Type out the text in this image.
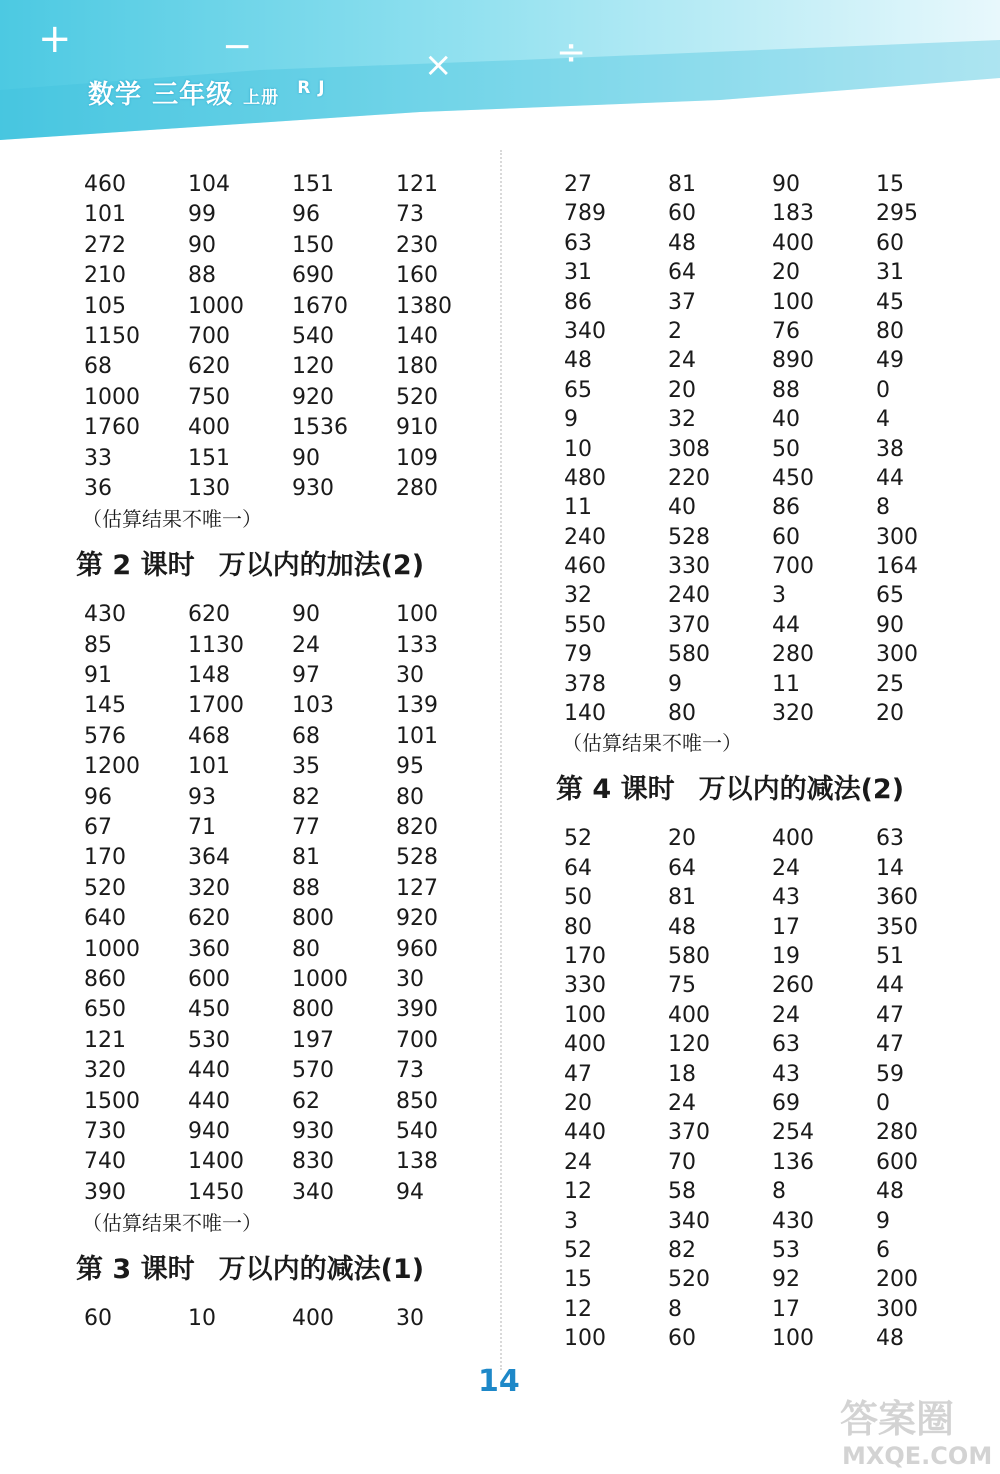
+	−	×	÷
数学 三年级 上册 $^{R J}$
460	104	151	121
101	99	96	73
272	90	150	230
210	88	690	160
105	1000	1670	1380
1150	700	540	140
68	620	120	180
1000	750	920	520
1760	400	1536	910
33	151	90	109
36	130	930	280
（估算结果不唯一）
第 2 课时 万以内的加法(2)
430	620	90	100
85	1130	24	133
91	148	97	30
145	1700	103	139
576	468	68	101
1200	101	35	95
96	93	82	80
67	71	77	820
170	364	81	528
520	320	88	127
640	620	800	920
1000	360	80	960
860	600	1000	30
650	450	800	390
121	530	197	700
320	440	570	73
1500	440	62	850
730	940	930	540
740	1400	830	138
390	1450	340	94
（估算结果不唯一）
第 3 课时 万以内的减法(1)
60	10	400	30
27	81	90	15
789	60	183	295
63	48	400	60
31	64	20	31
86	37	100	45
340	2	76	80
48	24	890	49
65	20	88	0
9	32	40	4
10	308	50	38
480	220	450	44
11	40	86	8
240	528	60	300
460	330	700	164
32	240	3	65
550	370	44	90
79	580	280	300
378	9	11	25
140	80	320	20
（估算结果不唯一）
第 4 课时 万以内的减法(2)
52	20	400	63
64	64	24	14
50	81	43	360
80	48	17	350
170	580	19	51
330	75	260	44
100	400	24	47
400	120	63	47
47	18	43	59
20	24	69	0
440	370	254	280
24	70	136	600
12	58	8	48
3	340	430	9
52	82	53	6
15	520	92	200
12	8	17	300
100	60	100	48
14
答案圈
MXQE.COM
